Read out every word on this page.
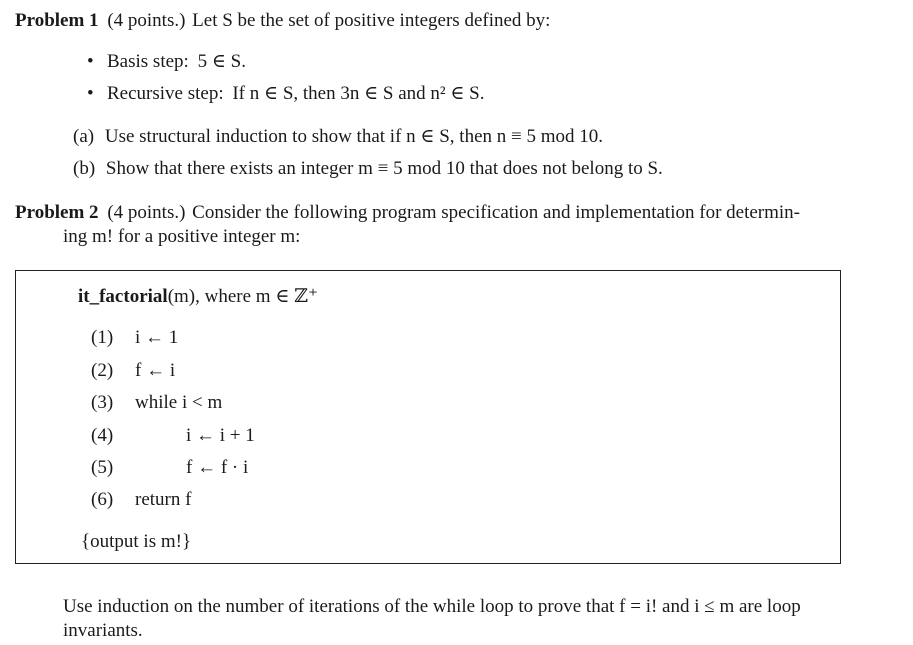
Problem 1 (4 points.) Let S be the set of positive integers defined by:
• Basis step: 5 ∈ S.
• Recursive step: If n ∈ S, then 3n ∈ S and n² ∈ S.
(a) Use structural induction to show that if n ∈ S, then n ≡ 5 mod 10.
(b) Show that there exists an integer m ≡ 5 mod 10 that does not belong to S.
Problem 2 (4 points.) Consider the following program specification and implementation for determin-
ing m! for a positive integer m:
it_factorial(m), where m ∈ ℤ⁺
(1) i ← 1
(2) f ← i
(3) while i < m
(4)	i ← i + 1
(5)	f ← f · i
(6) return f
{output is m!}
Use induction on the number of iterations of the while loop to prove that f = i! and i ≤ m are loop
invariants.
